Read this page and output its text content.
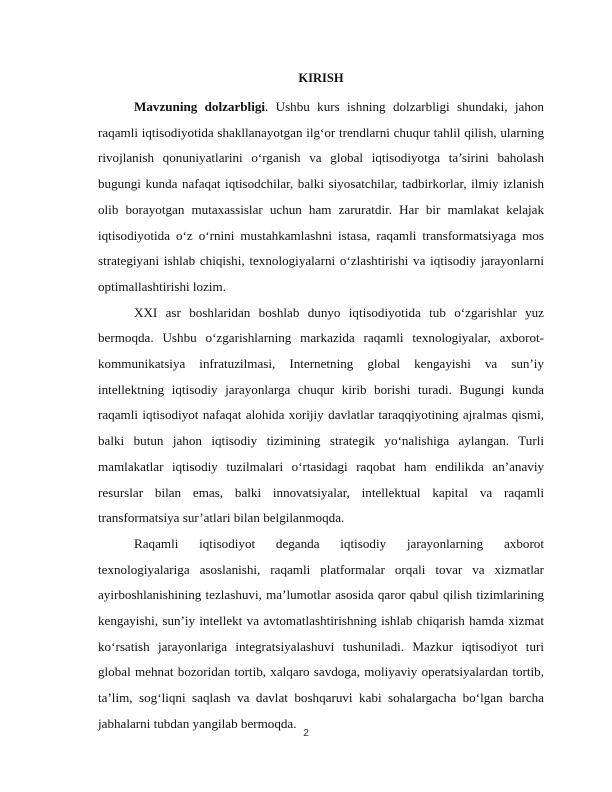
KIRISH

Mavzuning dolzarbligi. Ushbu kurs ishning dolzarbligi shundaki, jahon raqamli iqtisodiyotida shakllanayotgan ilg‘or trendlarni chuqur tahlil qilish, ularning rivojlanish qonuniyatlarini o‘rganish va global iqtisodiyotga ta’sirini baholash bugungi kunda nafaqat iqtisodchilar, balki siyosatchilar, tadbirkorlar, ilmiy izlanish olib borayotgan mutaxassislar uchun ham zaruratdir. Har bir mamlakat kelajak iqtisodiyotida o‘z o‘rnini mustahkamlashni istasa, raqamli transformatsiyaga mos strategiyani ishlab chiqishi, texnologiyalarni o‘zlashtirishi va iqtisodiy jarayonlarni optimallashtirishi lozim.

XXI asr boshlaridan boshlab dunyo iqtisodiyotida tub o‘zgarishlar yuz bermoqda. Ushbu o‘zgarishlarning markazida raqamli texnologiyalar, axborot-kommunikatsiya infratuzilmasi, Internetning global kengayishi va sun’iy intellektning iqtisodiy jarayonlarga chuqur kirib borishi turadi. Bugungi kunda raqamli iqtisodiyot nafaqat alohida xorijiy davlatlar taraqqiyotining ajralmas qismi, balki butun jahon iqtisodiy tizimining strategik yo‘nalishiga aylangan. Turli mamlakatlar iqtisodiy tuzilmalari o‘rtasidagi raqobat ham endilikda an’anaviy resurslar bilan emas, balki innovatsiyalar, intellektual kapital va raqamli transformatsiya sur’atlari bilan belgilanmoqda.

Raqamli iqtisodiyot deganda iqtisodiy jarayonlarning axborot texnologiyalariga asoslanishi, raqamli platformalar orqali tovar va xizmatlar ayirboshlanishining tezlashuvi, ma’lumotlar asosida qaror qabul qilish tizimlarining kengayishi, sun’iy intellekt va avtomatlashtirishning ishlab chiqarish hamda xizmat ko‘rsatish jarayonlariga integratsiyalashuvi tushuniladi. Mazkur iqtisodiyot turi global mehnat bozoridan tortib, xalqaro savdoga, moliyaviy operatsiyalardan tortib, ta’lim, sog‘liqni saqlash va davlat boshqaruvi kabi sohalargacha bo‘lgan barcha jabhalarni tubdan yangilab bermoqda.

2
